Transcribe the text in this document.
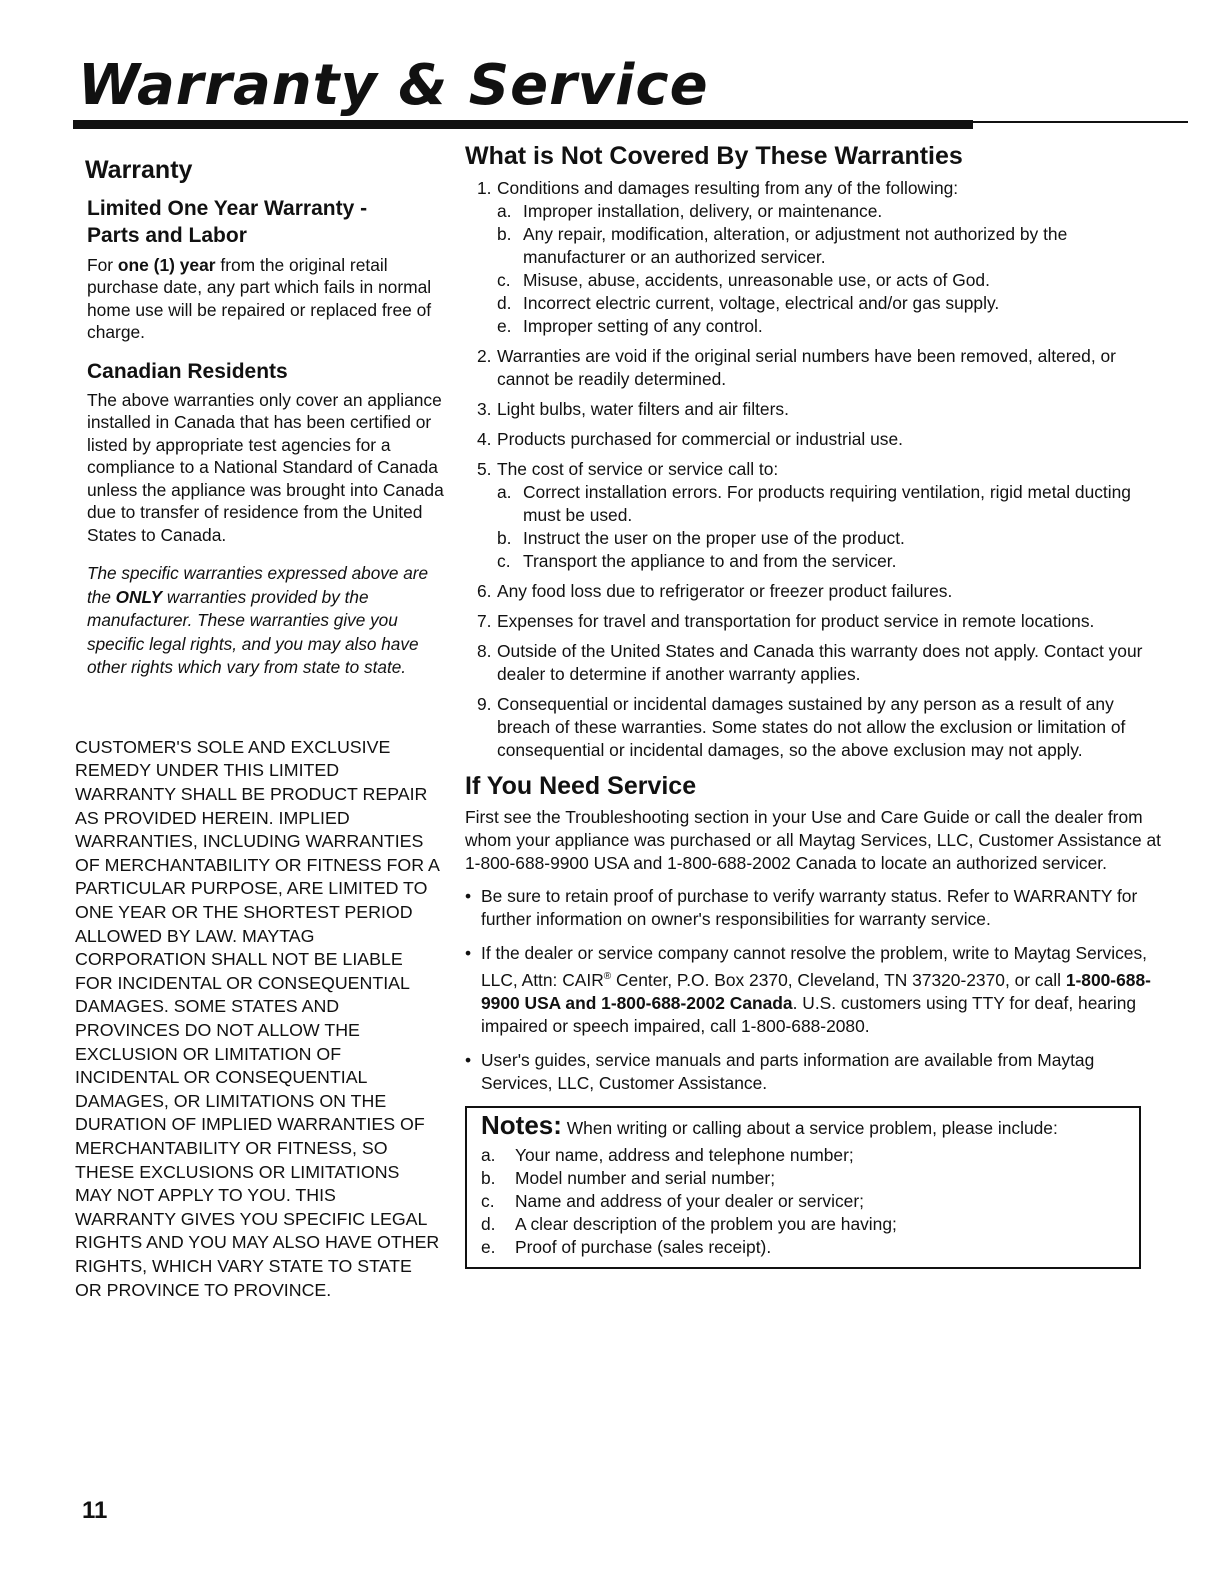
Warranty & Service
Warranty
Limited One Year Warranty - Parts and Labor

For one (1) year from the original retail purchase date, any part which fails in normal home use will be repaired or replaced free of charge.

Canadian Residents

The above warranties only cover an appliance installed in Canada that has been certified or listed by appropriate test agencies for a compliance to a National Standard of Canada unless the appliance was brought into Canada due to transfer of residence from the United States to Canada.

The specific warranties expressed above are the ONLY warranties provided by the manufacturer. These warranties give you specific legal rights, and you may also have other rights which vary from state to state.

CUSTOMER'S SOLE AND EXCLUSIVE REMEDY UNDER THIS LIMITED WARRANTY SHALL BE PRODUCT REPAIR AS PROVIDED HEREIN. IMPLIED WARRANTIES, INCLUDING WARRANTIES OF MERCHANTABILITY OR FITNESS FOR A PARTICULAR PURPOSE, ARE LIMITED TO ONE YEAR OR THE SHORTEST PERIOD ALLOWED BY LAW. MAYTAG CORPORATION SHALL NOT BE LIABLE FOR INCIDENTAL OR CONSEQUENTIAL DAMAGES. SOME STATES AND PROVINCES DO NOT ALLOW THE EXCLUSION OR LIMITATION OF INCIDENTAL OR CONSEQUENTIAL DAMAGES, OR LIMITATIONS ON THE DURATION OF IMPLIED WARRANTIES OF MERCHANTABILITY OR FITNESS, SO THESE EXCLUSIONS OR LIMITATIONS MAY NOT APPLY TO YOU. THIS WARRANTY GIVES YOU SPECIFIC LEGAL RIGHTS AND YOU MAY ALSO HAVE OTHER RIGHTS, WHICH VARY STATE TO STATE OR PROVINCE TO PROVINCE.

What is Not Covered By These Warranties
1. Conditions and damages resulting from any of the following:
a. Improper installation, delivery, or maintenance.
b. Any repair, modification, alteration, or adjustment not authorized by the manufacturer or an authorized servicer.
c. Misuse, abuse, accidents, unreasonable use, or acts of God.
d. Incorrect electric current, voltage, electrical and/or gas supply.
e. Improper setting of any control.
2. Warranties are void if the original serial numbers have been removed, altered, or cannot be readily determined.
3. Light bulbs, water filters and air filters.
4. Products purchased for commercial or industrial use.
5. The cost of service or service call to:
a. Correct installation errors. For products requiring ventilation, rigid metal ducting must be used.
b. Instruct the user on the proper use of the product.
c. Transport the appliance to and from the servicer.
6. Any food loss due to refrigerator or freezer product failures.
7. Expenses for travel and transportation for product service in remote locations.
8. Outside of the United States and Canada this warranty does not apply. Contact your dealer to determine if another warranty applies.
9. Consequential or incidental damages sustained by any person as a result of any breach of these warranties. Some states do not allow the exclusion or limitation of consequential or incidental damages, so the above exclusion may not apply.
If You Need Service

First see the Troubleshooting section in your Use and Care Guide or call the dealer from whom your appliance was purchased or all Maytag Services, LLC, Customer Assistance at 1-800-688-9900 USA and 1-800-688-2002 Canada to locate an authorized servicer.

• Be sure to retain proof of purchase to verify warranty status. Refer to WARRANTY for further information on owner's responsibilities for warranty service.
• If the dealer or service company cannot resolve the problem, write to Maytag Services, LLC, Attn: CAIR® Center, P.O. Box 2370, Cleveland, TN 37320-2370, or call 1-800-688-9900 USA and 1-800-688-2002 Canada. U.S. customers using TTY for deaf, hearing impaired or speech impaired, call 1-800-688-2080.
• User's guides, service manuals and parts information are available from Maytag Services, LLC, Customer Assistance.
Notes: When writing or calling about a service problem, please include:
a. Your name, address and telephone number;
b. Model number and serial number;
c. Name and address of your dealer or servicer;
d. A clear description of the problem you are having;
e. Proof of purchase (sales receipt).
11
